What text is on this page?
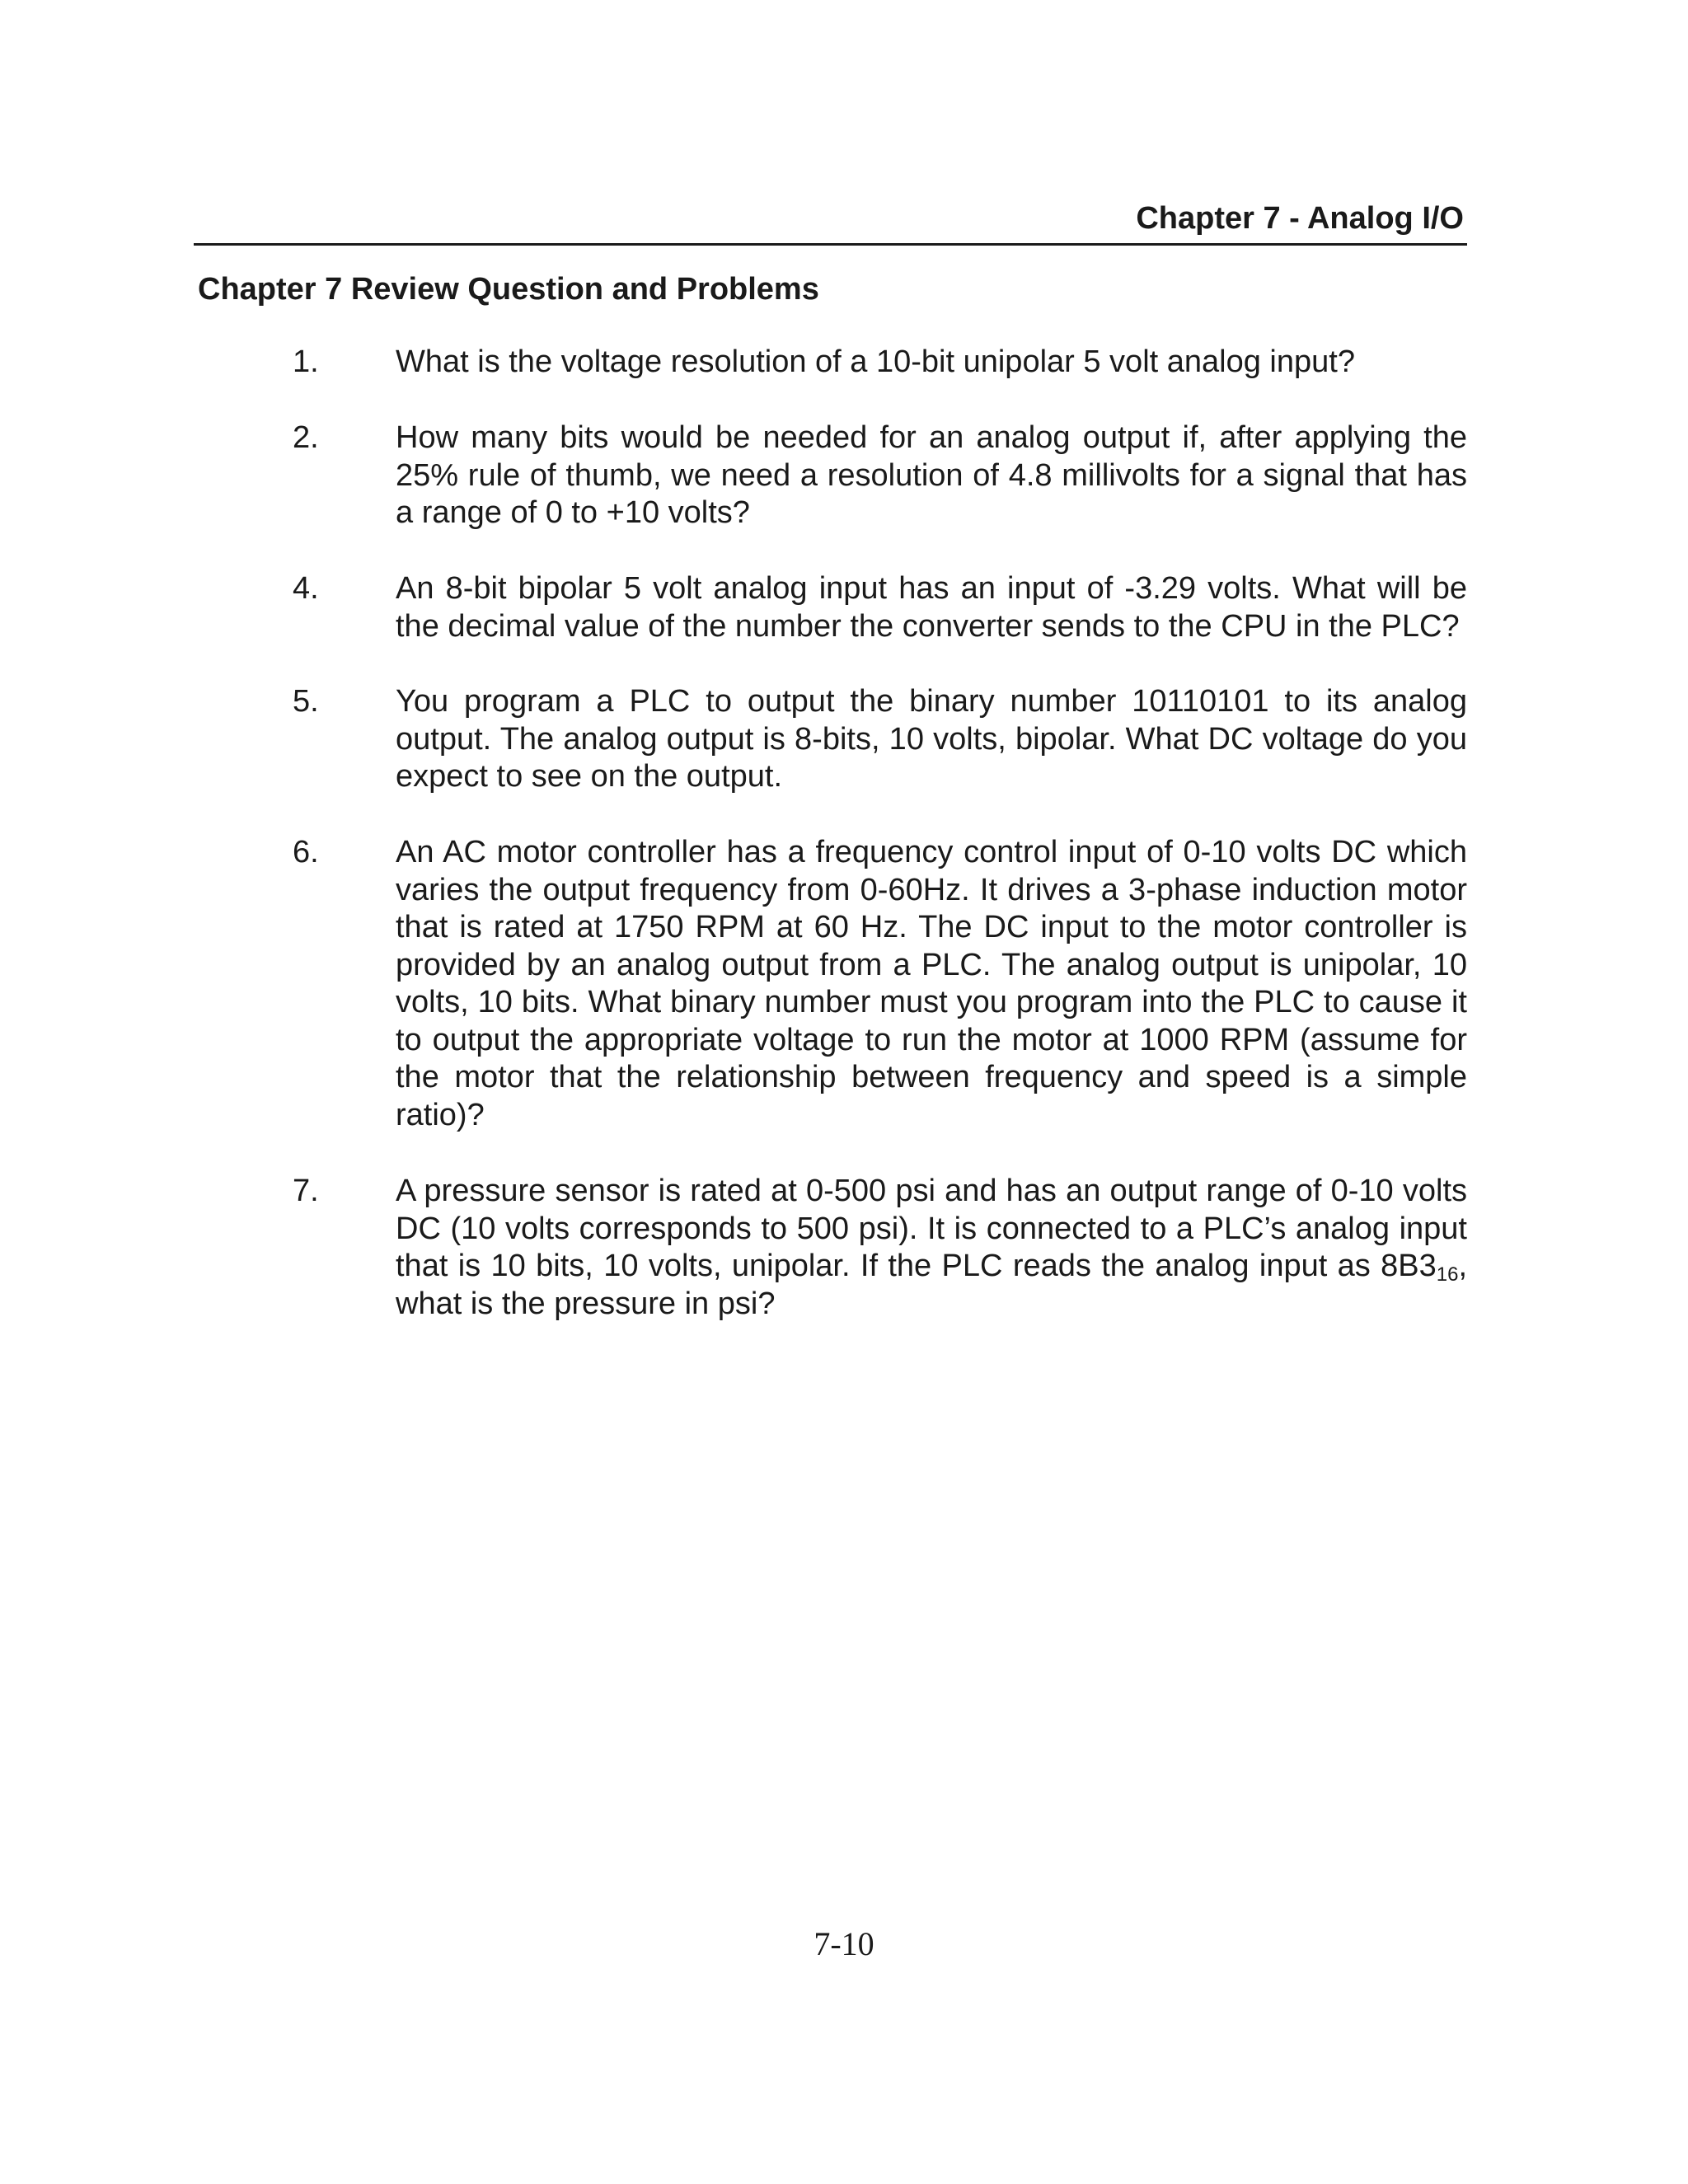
Chapter 7 - Analog I/O
Chapter 7 Review Question and Problems
1.	What is the voltage resolution of a 10-bit unipolar 5 volt analog input?
2.	How many bits would be needed for an analog output if, after applying the 25% rule of thumb, we need a resolution of 4.8 millivolts for a signal that has a range of 0 to +10 volts?
4.	An 8-bit bipolar 5 volt analog input has an input of -3.29 volts. What will be the decimal value of the number the converter sends to the CPU in the PLC?
5.	You program a PLC to output the binary number 10110101 to its analog output. The analog output is 8-bits, 10 volts, bipolar. What DC voltage do you expect to see on the output.
6.	An AC motor controller has a frequency control input of 0-10 volts DC which varies the output frequency from 0-60Hz. It drives a 3-phase induction motor that is rated at 1750 RPM at 60 Hz. The DC input to the motor controller is provided by an analog output from a PLC. The analog output is unipolar, 10 volts, 10 bits. What binary number must you program into the PLC to cause it to output the appropriate voltage to run the motor at 1000 RPM (assume for the motor that the relationship between frequency and speed is a simple ratio)?
7.	A pressure sensor is rated at 0-500 psi and has an output range of 0-10 volts DC (10 volts corresponds to 500 psi). It is connected to a PLC’s analog input that is 10 bits, 10 volts, unipolar. If the PLC reads the analog input as $8B3_{16}$, what is the pressure in psi?
7-10
